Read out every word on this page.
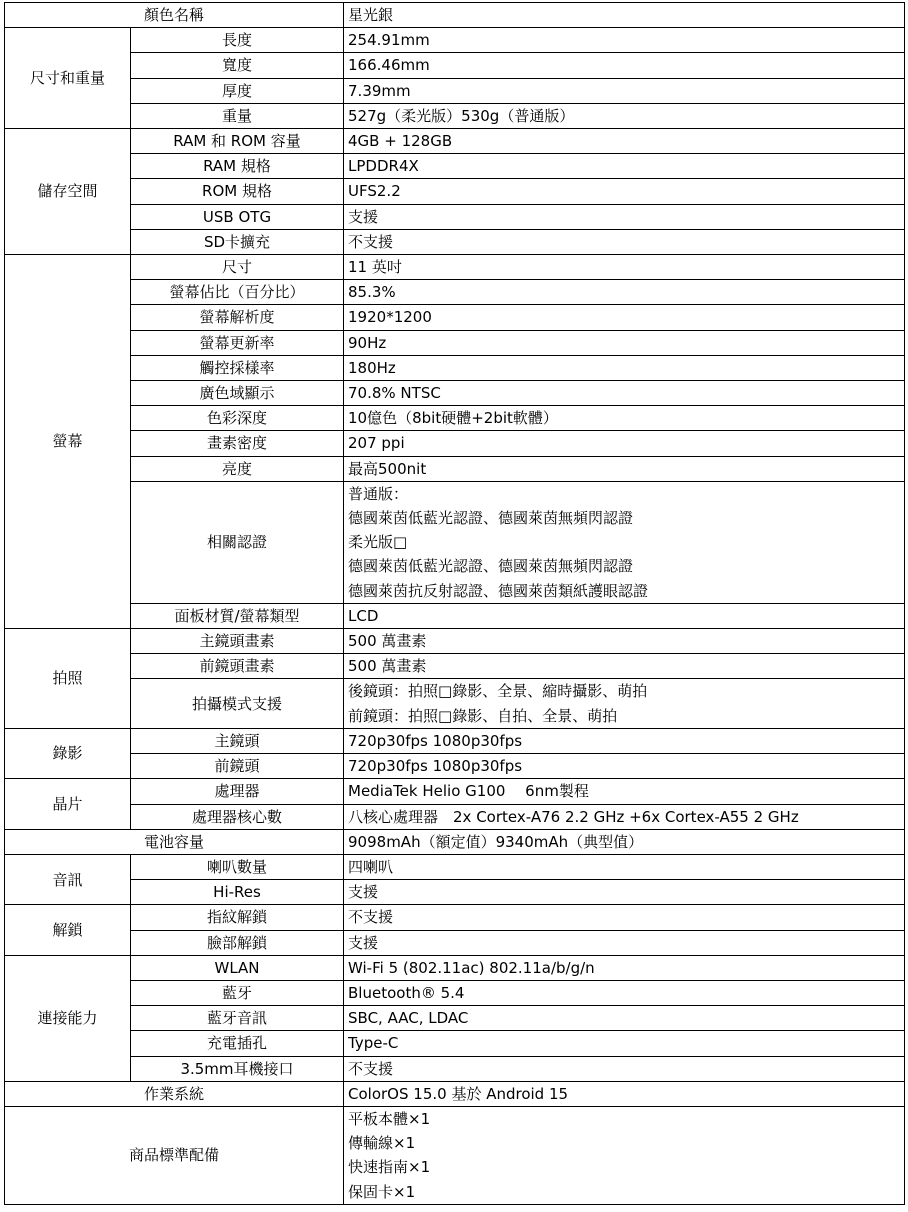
顏色名稱		星光銀
尺寸和重量	長度	254.91mm
	寬度	166.46mm
	厚度	7.39mm
	重量	527g（柔光版）530g（普通版）
儲存空間	RAM 和 ROM 容量	4GB + 128GB
	RAM 規格	LPDDR4X
	ROM 規格	UFS2.2
	USB OTG	支援
	SD卡擴充	不支援
螢幕	尺寸	11 英吋
	螢幕佔比（百分比）	85.3%
	螢幕解析度	1920*1200
	螢幕更新率	90Hz
	觸控採樣率	180Hz
	廣色域顯示	70.8% NTSC
	色彩深度	10億色（8bit硬體+2bit軟體）
	畫素密度	207 ppi
	亮度	最高500nit
	相關認證	普通版：
德國萊茵低藍光認證、德國萊茵無頻閃認證
柔光版□
德國萊茵低藍光認證、德國萊茵無頻閃認證
德國萊茵抗反射認證、德國萊茵類紙護眼認證

	面板材質/螢幕類型	LCD
拍照	主鏡頭畫素	500 萬畫素
	前鏡頭畫素	500 萬畫素
	拍攝模式支援	後鏡頭：拍照□錄影、全景、縮時攝影、萌拍
前鏡頭：拍照□錄影、自拍、全景、萌拍

錄影	主鏡頭	720p30fps 1080p30fps
	前鏡頭	720p30fps 1080p30fps
晶片	處理器	MediaTek Helio G100　 6nm製程
	處理器核心數	八核心處理器　2x Cortex-A76 2.2 GHz +6x Cortex-A55 2 GHz
電池容量		9098mAh（額定值）9340mAh（典型值）
音訊	喇叭數量	四喇叭
	Hi-Res	支援
解鎖	指紋解鎖	不支援
	臉部解鎖	支援
連接能力	WLAN	Wi-Fi 5 (802.11ac) 802.11a/b/g/n
	藍牙	Bluetooth® 5.4
	藍牙音訊	SBC, AAC, LDAC
	充電插孔	Type-C
	3.5mm耳機接口	不支援
作業系統		ColorOS 15.0 基於 Android 15
商品標準配備		平板本體×1
傳輸線×1
快速指南×1
保固卡×1
